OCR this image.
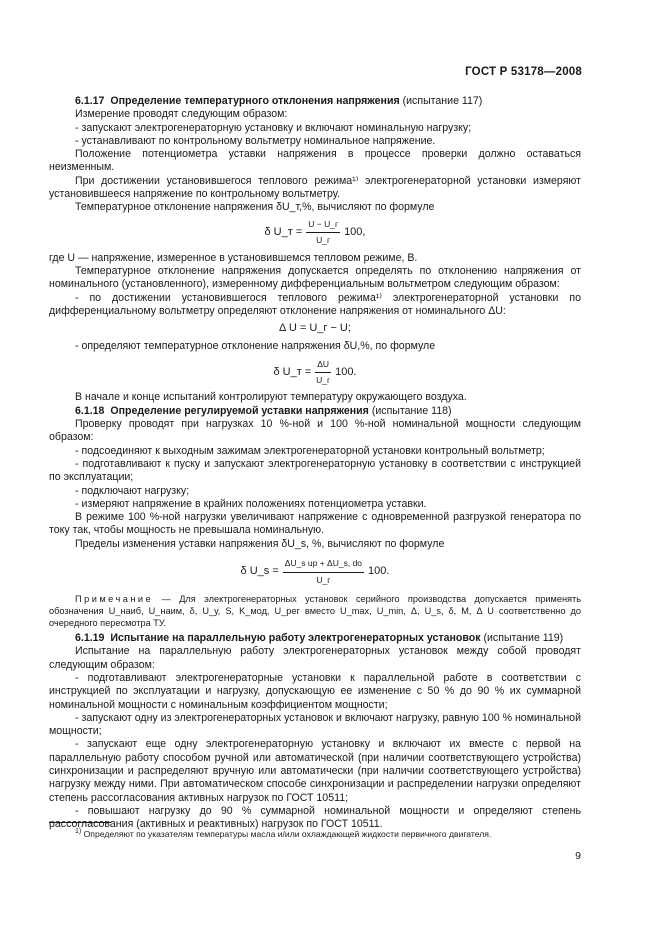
ГОСТ Р 53178—2008

6.1.17 Определение температурного отклонения напряжения (испытание 117)

Измерение проводят следующим образом:

- запускают электрогенераторную установку и включают номинальную нагрузку;

- устанавливают по контрольному вольтметру номинальное напряжение.

Положение потенциометра уставки напряжения в процессе проверки должно оставаться неизменным.

При достижении установившегося теплового режима¹⁾ электрогенераторной установки измеряют установившееся напряжение по контрольному вольтметру.

Температурное отклонение напряжения δU_т,%, вычисляют по формуле

δ U_т = $\frac{U - U\_г}{U\_г} 100$,

где U — напряжение, измеренное в установившемся тепловом режиме, В.

Температурное отклонение напряжения допускается определять по отклонению напряжения от номинального (установленного), измеренному дифференциальным вольтметром следующим образом:

- по достижении установившегося теплового режима¹⁾ электрогенераторной установки по дифференциальному вольтметру определяют отклонение напряжения от номинального ΔU:

Δ U = U_г − U;

- определяют температурное отклонение напряжения δU,%, по формуле

δ U_т = $\frac{\Delta U}{U\_г} 100$.

В начале и конце испытаний контролируют температуру окружающего воздуха.

6.1.18 Определение регулируемой уставки напряжения (испытание 118)

Проверку проводят при нагрузках 10 %-ной и 100 %-ной номинальной мощности следующим образом:

- подсоединяют к выходным зажимам электрогенераторной установки контрольный вольтметр;

- подготавливают к пуску и запускают электрогенераторную установку в соответствии с инструкцией по эксплуатации;

- подключают нагрузку;

- измеряют напряжение в крайних положениях потенциометра уставки.

В режиме 100 %-ной нагрузки увеличивают напряжение с одновременной разгрузкой генератора по току так, чтобы мощность не превышала номинальную.

Пределы изменения уставки напряжения δU_s, %, вычисляют по формуле

δ U_s = $\frac{\text{ΔU\_s up + ΔU\_s, do}}{U\_г} 100$.

Примечание — Для электрогенераторных установок серийного производства допускается применять обозначения U_наиб, U_наим, δ, U_у, S, K_мод, U_рег вместо U_max, U_min, Δ, U_s, δ, M, Δ U соответственно до очередного пересмотра ТУ.

6.1.19 Испытание на параллельную работу электрогенераторных установок (испытание 119)

Испытание на параллельную работу электрогенераторных установок между собой проводят следующим образом:

- подготавливают электрогенераторные установки к параллельной работе в соответствии с инструкцией по эксплуатации и нагрузку, допускающую ее изменение с 50 % до 90 % их суммарной номинальной мощности с номинальным коэффициентом мощности;

- запускают одну из электрогенераторных установок и включают нагрузку, равную 100 % номинальной мощности;

- запускают еще одну электрогенераторную установку и включают их вместе с первой на параллельную работу способом ручной или автоматической (при наличии соответствующего устройства) синхронизации и распределяют вручную или автоматически (при наличии соответствующего устройства) нагрузку между ними. При автоматическом способе синхронизации и распределении нагрузки определяют степень рассогласования активных нагрузок по ГОСТ 10511;

- повышают нагрузку до 90 % суммарной номинальной мощности и определяют степень рассогласования (активных и реактивных) нагрузок по ГОСТ 10511.

$^{1)}$ Определяют по указателям температуры масла и/или охлаждающей жидкости первичного двигателя.
9
